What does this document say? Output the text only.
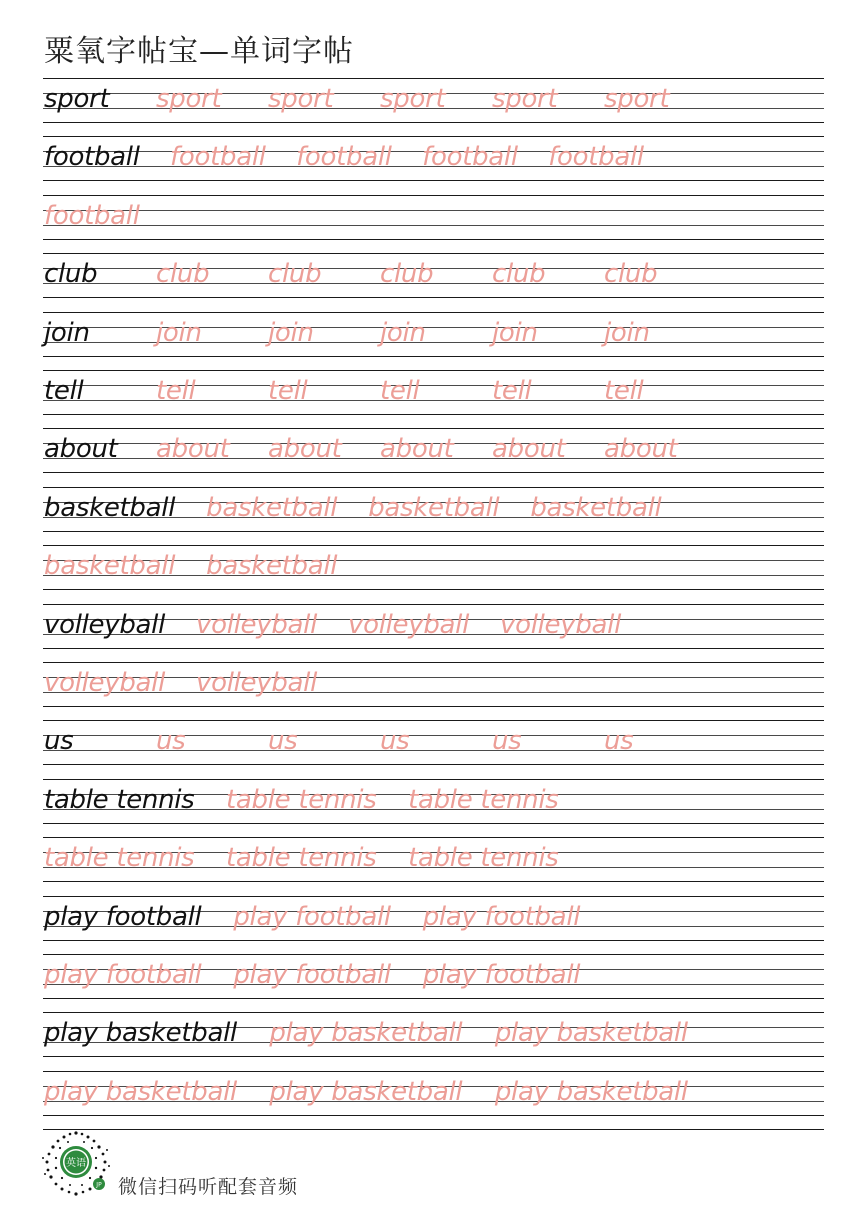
粟氧字帖宝—单词字帖
sport sport sport sport sport sport
football football football football football
football
club club club club club club
join	join	join	join	join	join
tell	tell	tell	tell	tell	tell
about about about about about about
basketball basketball basketball basketball
basketball basketball
volleyball volleyball volleyball volleyball
volleyball volleyball
us	us	us	us	us	us
table tennis table tennis table tennis
table tennis table tennis table tennis
play football play football play football
play football play football play football
play basketball play basketball play basketball
play basketball play basketball play basketball
英语
JP 微信扫码听配套音频
